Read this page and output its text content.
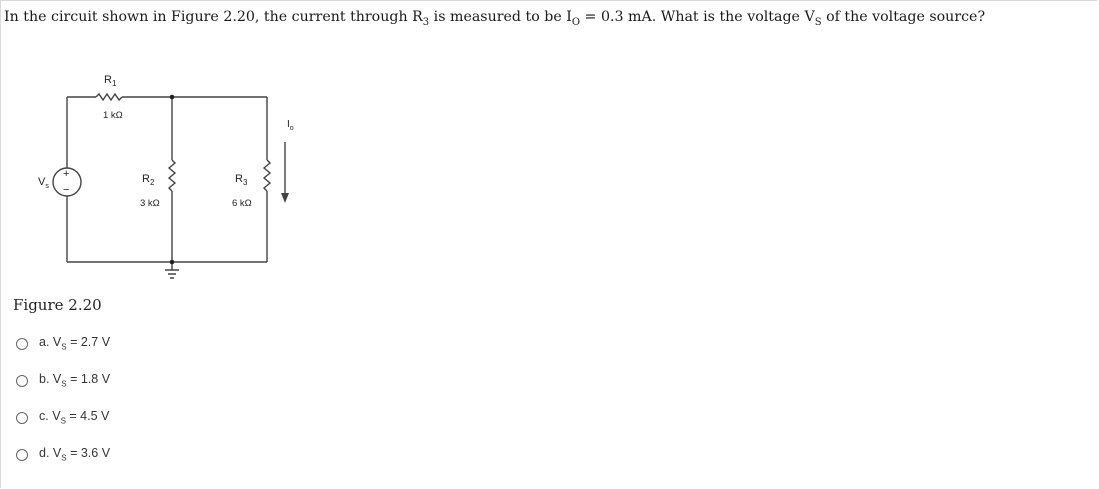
In the circuit shown in Figure 2.20, the current through $R_3$ is measured to be $I_O = 0.3$ mA. What is the voltage $V_S$ of the voltage source?
$R_1$
1 kΩ
$R_2$
3 kΩ
$R_3$
6 kΩ
$V_s$
+
−
$I_o$
Figure 2.20
a. $V_S = 2.7$ V
b. $V_S = 1.8$ V
c. $V_S = 4.5$ V
d. $V_S = 3.6$ V
